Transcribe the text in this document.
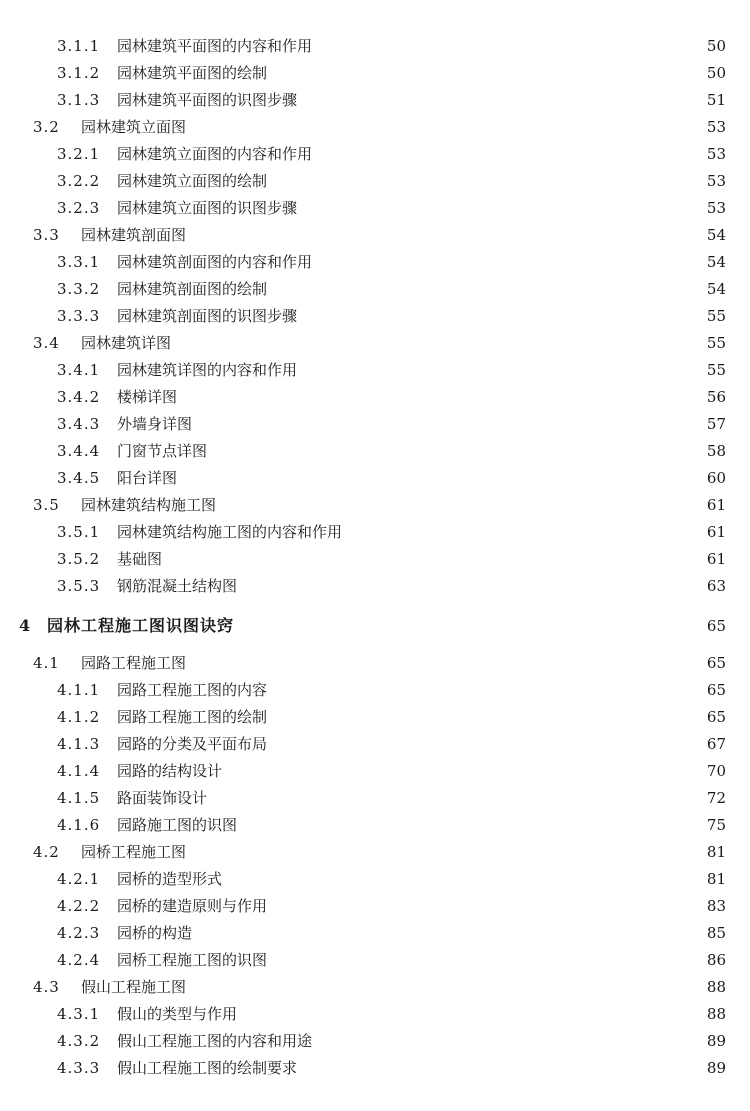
3.1.1 园林建筑平面图的内容和作用	50
3.1.2 园林建筑平面图的绘制	50
3.1.3 园林建筑平面图的识图步骤	51
3.2	园林建筑立面图	53
3.2.1 园林建筑立面图的内容和作用	53
3.2.2 园林建筑立面图的绘制	53
3.2.3 园林建筑立面图的识图步骤	53
3.3	园林建筑剖面图	54
3.3.1 园林建筑剖面图的内容和作用	54
3.3.2 园林建筑剖面图的绘制	54
3.3.3 园林建筑剖面图的识图步骤	55
3.4	园林建筑详图	55
3.4.1 园林建筑详图的内容和作用	55
3.4.2 楼梯详图	56
3.4.3 外墙身详图	57
3.4.4 门窗节点详图	58
3.4.5 阳台详图	60
3.5	园林建筑结构施工图	61
3.5.1 园林建筑结构施工图的内容和作用	61
3.5.2 基础图	61
3.5.3 钢筋混凝土结构图	63
4 园林工程施工图识图诀窍	65
4.1	园路工程施工图	65
4.1.1 园路工程施工图的内容	65
4.1.2 园路工程施工图的绘制	65
4.1.3 园路的分类及平面布局	67
4.1.4 园路的结构设计	70
4.1.5 路面装饰设计	72
4.1.6 园路施工图的识图	75
4.2	园桥工程施工图	81
4.2.1 园桥的造型形式	81
4.2.2 园桥的建造原则与作用	83
4.2.3 园桥的构造	85
4.2.4 园桥工程施工图的识图	86
4.3	假山工程施工图	88
4.3.1 假山的类型与作用	88
4.3.2 假山工程施工图的内容和用途	89
4.3.3 假山工程施工图的绘制要求	89
